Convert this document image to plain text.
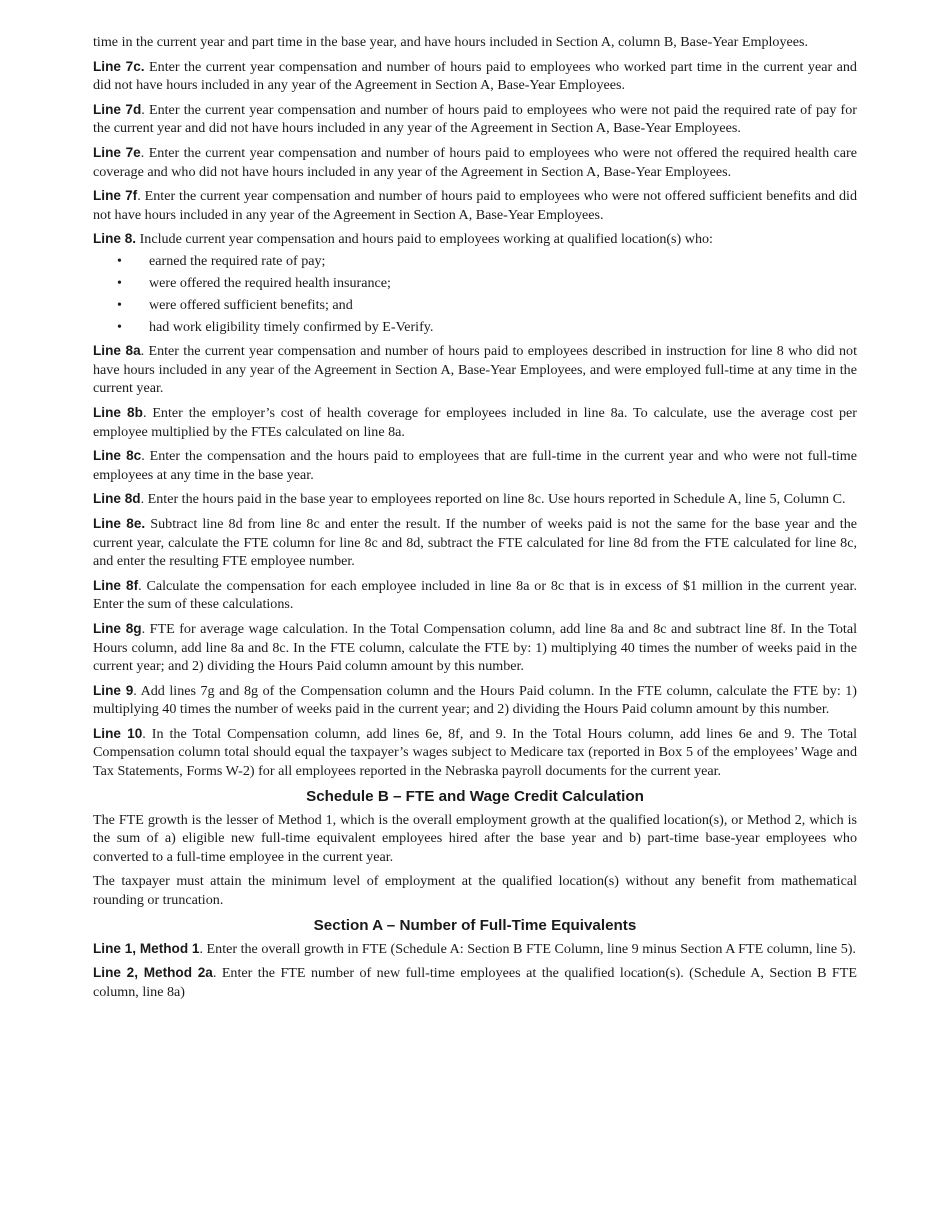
time in the current year and part time in the base year, and have hours included in Section A, column B, Base-Year Employees.

Line 7c. Enter the current year compensation and number of hours paid to employees who worked part time in the current year and did not have hours included in any year of the Agreement in Section A, Base-Year Employees.

Line 7d. Enter the current year compensation and number of hours paid to employees who were not paid the required rate of pay for the current year and did not have hours included in any year of the Agreement in Section A, Base-Year Employees.

Line 7e. Enter the current year compensation and number of hours paid to employees who were not offered the required health care coverage and who did not have hours included in any year of the Agreement in Section A, Base-Year Employees.

Line 7f. Enter the current year compensation and number of hours paid to employees who were not offered sufficient benefits and did not have hours included in any year of the Agreement in Section A, Base-Year Employees.

Line 8. Include current year compensation and hours paid to employees working at qualified location(s) who:

• earned the required rate of pay;
• were offered the required health insurance;
• were offered sufficient benefits; and
• had work eligibility timely confirmed by E-Verify.

Line 8a. Enter the current year compensation and number of hours paid to employees described in instruction for line 8 who did not have hours included in any year of the Agreement in Section A, Base-Year Employees, and were employed full-time at any time in the current year.

Line 8b. Enter the employer’s cost of health coverage for employees included in line 8a. To calculate, use the average cost per employee multiplied by the FTEs calculated on line 8a.

Line 8c. Enter the compensation and the hours paid to employees that are full-time in the current year and who were not full-time employees at any time in the base year.

Line 8d. Enter the hours paid in the base year to employees reported on line 8c. Use hours reported in Schedule A, line 5, Column C.

Line 8e. Subtract line 8d from line 8c and enter the result. If the number of weeks paid is not the same for the base year and the current year, calculate the FTE column for line 8c and 8d, subtract the FTE calculated for line 8d from the FTE calculated for line 8c, and enter the resulting FTE employee number.

Line 8f. Calculate the compensation for each employee included in line 8a or 8c that is in excess of $1 million in the current year. Enter the sum of these calculations.

Line 8g. FTE for average wage calculation. In the Total Compensation column, add line 8a and 8c and subtract line 8f. In the Total Hours column, add line 8a and 8c. In the FTE column, calculate the FTE by: 1) multiplying 40 times the number of weeks paid in the current year; and 2) dividing the Hours Paid column amount by this number.

Line 9. Add lines 7g and 8g of the Compensation column and the Hours Paid column. In the FTE column, calculate the FTE by: 1) multiplying 40 times the number of weeks paid in the current year; and 2) dividing the Hours Paid column amount by this number.

Line 10. In the Total Compensation column, add lines 6e, 8f, and 9. In the Total Hours column, add lines 6e and 9. The Total Compensation column total should equal the taxpayer’s wages subject to Medicare tax (reported in Box 5 of the employees’ Wage and Tax Statements, Forms W-2) for all employees reported in the Nebraska payroll documents for the current year.

Schedule B – FTE and Wage Credit Calculation

The FTE growth is the lesser of Method 1, which is the overall employment growth at the qualified location(s), or Method 2, which is the sum of a) eligible new full-time equivalent employees hired after the base year and b) part-time base-year employees who converted to a full-time employee in the current year.

The taxpayer must attain the minimum level of employment at the qualified location(s) without any benefit from mathematical rounding or truncation.

Section A – Number of Full-Time Equivalents

Line 1, Method 1. Enter the overall growth in FTE (Schedule A: Section B FTE Column, line 9 minus Section A FTE column, line 5).

Line 2, Method 2a. Enter the FTE number of new full-time employees at the qualified location(s). (Schedule A, Section B FTE column, line 8a)
